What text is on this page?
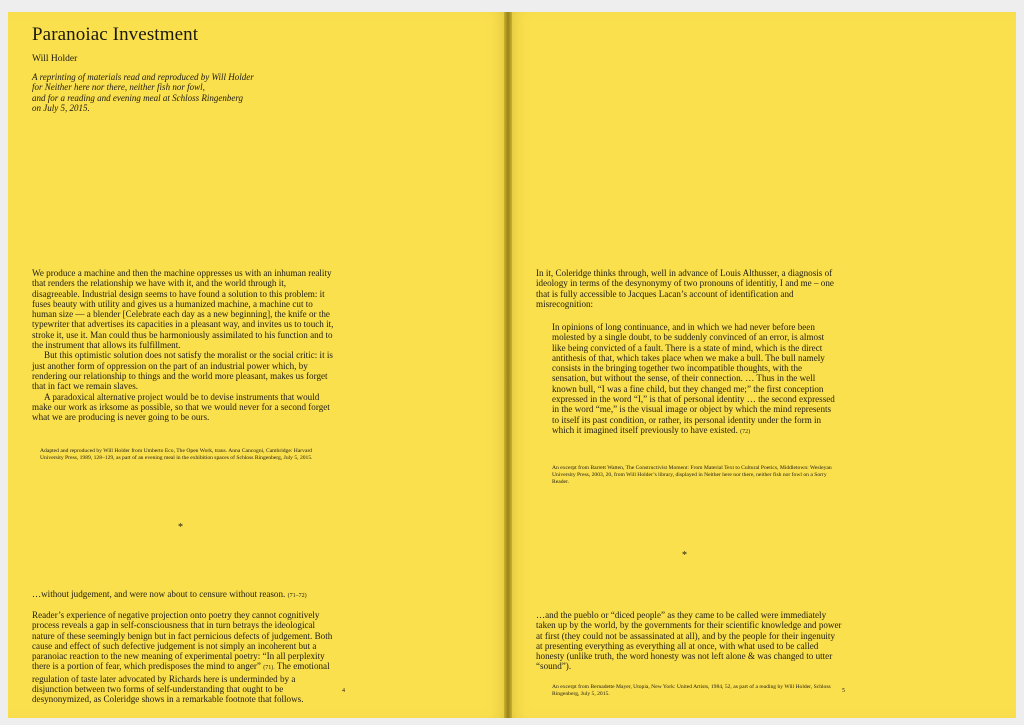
Paranoiac Investment
Will Holder
A reprinting of materials read and reproduced by Will Holder
for Neither here nor there, neither fish nor fowl,
and for a reading and evening meal at Schloss Ringenberg
on July 5, 2015.

We produce a machine and then the machine oppresses us with an inhuman reality that renders the relationship we have with it, and the world through it, disagreeable. Industrial design seems to have found a solution to this problem: it fuses beauty with utility and gives us a humanized machine, a machine cut to human size — a blender [Celebrate each day as a new beginning], the knife or the typewriter that advertises its capacities in a pleasant way, and invites us to touch it, stroke it, use it. Man could thus be harmoniously assimilated to his function and to the instrument that allows its fulfillment.

But this optimistic solution does not satisfy the moralist or the social critic: it is just another form of oppression on the part of an industrial power which, by rendering our relationship to things and the world more pleasant, makes us forget that in fact we remain slaves.

A paradoxical alternative project would be to devise instruments that would make our work as irksome as possible, so that we would never for a second forget what we are producing is never going to be ours.

Adapted and reproduced by Will Holder from Umberto Eco, The Open Work, trans. Anna Cancogni, Cambridge: Harvard University Press, 1989, 128–129, as part of an evening meal in the exhibition spaces of Schloss Ringenberg, July 5, 2015.
*
…without judgement, and were now about to censure without reason. (71–72)

Reader’s experience of negative projection onto poetry they cannot cognitively process reveals a gap in self-consciousness that in turn betrays the ideological nature of these seemingly benign but in fact pernicious defects of judgement. Both cause and effect of such defective judgement is not simply an incoherent but a paranoiac reaction to the new meaning of experimental poetry: “In all perplexity there is a portion of fear, which predisposes the mind to anger” (71). The emotional regulation of taste later advocated by Richards here is underminded by a disjunction between two forms of self-understanding that ought to be desynonymized, as Coleridge shows in a remarkable footnote that follows.

4
In it, Coleridge thinks through, well in advance of Louis Althusser, a diagnosis of ideology in terms of the desynonymy of two pronouns of identitiy, I and me – one that is fully accessible to Jacques Lacan’s account of identification and misrecognition:
In opinions of long continuance, and in which we had never before been molested by a single doubt, to be suddenly convinced of an error, is almost like being convicted of a fault. There is a state of mind, which is the direct antithesis of that, which takes place when we make a bull. The bull namely consists in the bringing together two incompatible thoughts, with the sensation, but without the sense, of their connection. … Thus in the well known bull, “I was a fine child, but they changed me;” the first conception expressed in the word “I,” is that of personal identity … the second expressed in the word “me,” is the visual image or object by which the mind represents to itself its past condition, or rather, its personal identity under the form in which it imagined itself previously to have existed. (72)
An excerpt from Barrett Watten, The Constructivist Moment: From Material Text to Cultural Poetics, Middletown: Wesleyan University Press, 2003, 20, from Will Holder’s library, displayed in Neither here nor there, neither fish nor fowl on a Sorry Reader.
*
…and the pueblo or “diced people” as they came to be called were immediately taken up by the world, by the governments for their scientific knowledge and power at first (they could not be assassinated at all), and by the people for their ingenuity at presenting everything as everything all at once, with what used to be called honesty (unlike truth, the word honesty was not left alone & was changed to utter “sound”).
An excerpt from Bernadette Mayer, Utopia, New York: United Artists, 1984, 52, as part of a reading by Will Holder, Schloss Ringenberg, July 5, 2015.	5
